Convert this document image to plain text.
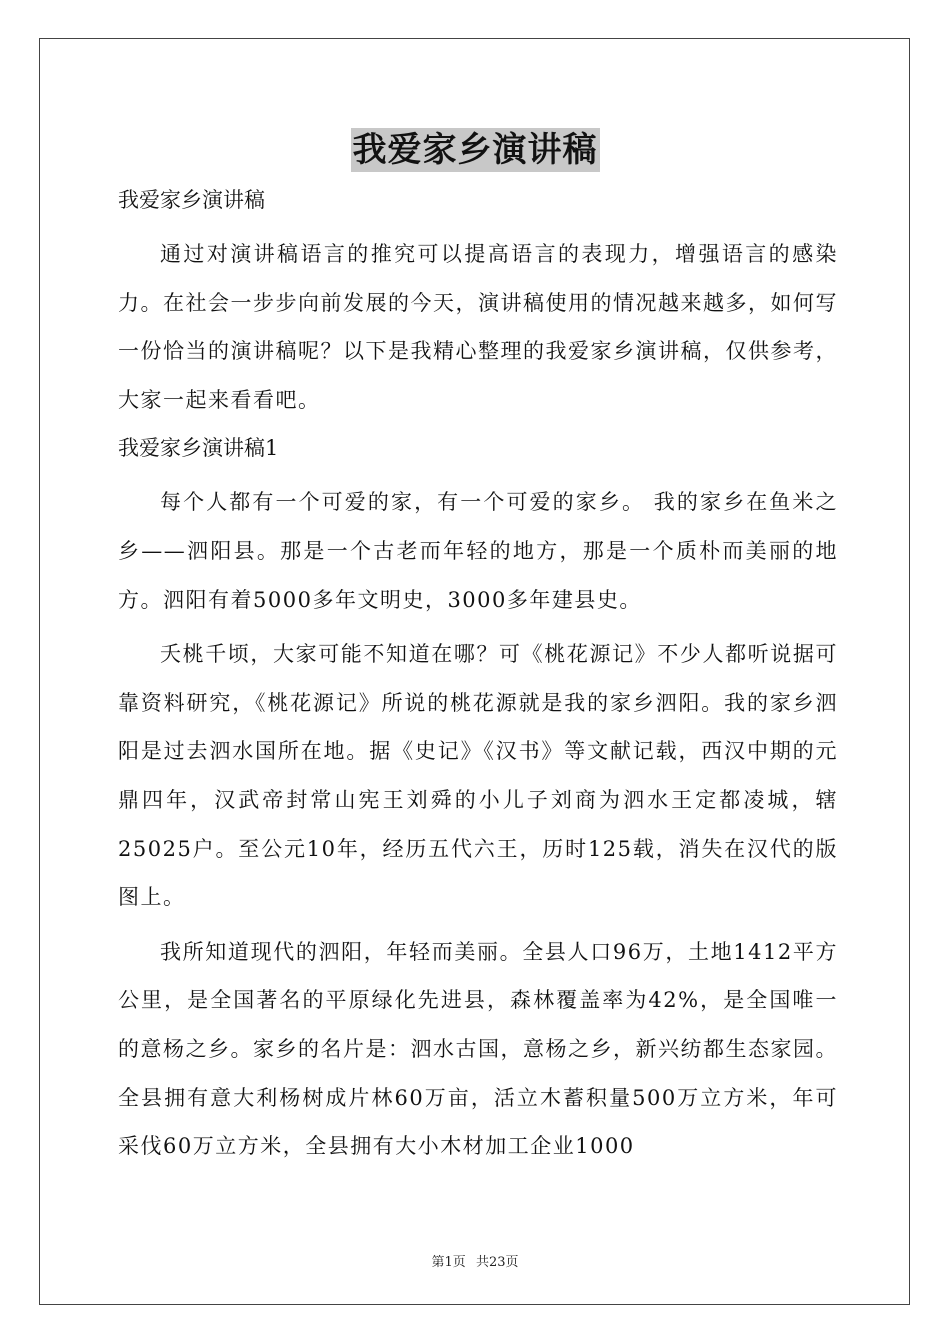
我爱家乡演讲稿

我爱家乡演讲稿

通过对演讲稿语言的推究可以提高语言的表现力，增强语言的感染力。在社会一步步向前发展的今天，演讲稿使用的情况越来越多，如何写一份恰当的演讲稿呢？以下是我精心整理的我爱家乡演讲稿，仅供参考，大家一起来看看吧。

我爱家乡演讲稿1

每个人都有一个可爱的家，有一个可爱的家乡。 我的家乡在鱼米之乡——泗阳县。那是一个古老而年轻的地方，那是一个质朴而美丽的地方。泗阳有着5000多年文明史，3000多年建县史。

夭桃千顷，大家可能不知道在哪？可《桃花源记》不少人都听说据可靠资料研究，《桃花源记》所说的桃花源就是我的家乡泗阳。我的家乡泗阳是过去泗水国所在地。据《史记》《汉书》等文献记载，西汉中期的元鼎四年，汉武帝封常山宪王刘舜的小儿子刘商为泗水王定都凌城，辖25025户。至公元10年，经历五代六王，历时125载，消失在汉代的版图上。

我所知道现代的泗阳，年轻而美丽。全县人口96万，土地1412平方公里，是全国著名的平原绿化先进县，森林覆盖率为42%，是全国唯一的意杨之乡。家乡的名片是：泗水古国，意杨之乡，新兴纺都生态家园。全县拥有意大利杨树成片林60万亩，活立木蓄积量500万立方米，年可采伐60万立方米，全县拥有大小木材加工企业1000

第1页 共23页
